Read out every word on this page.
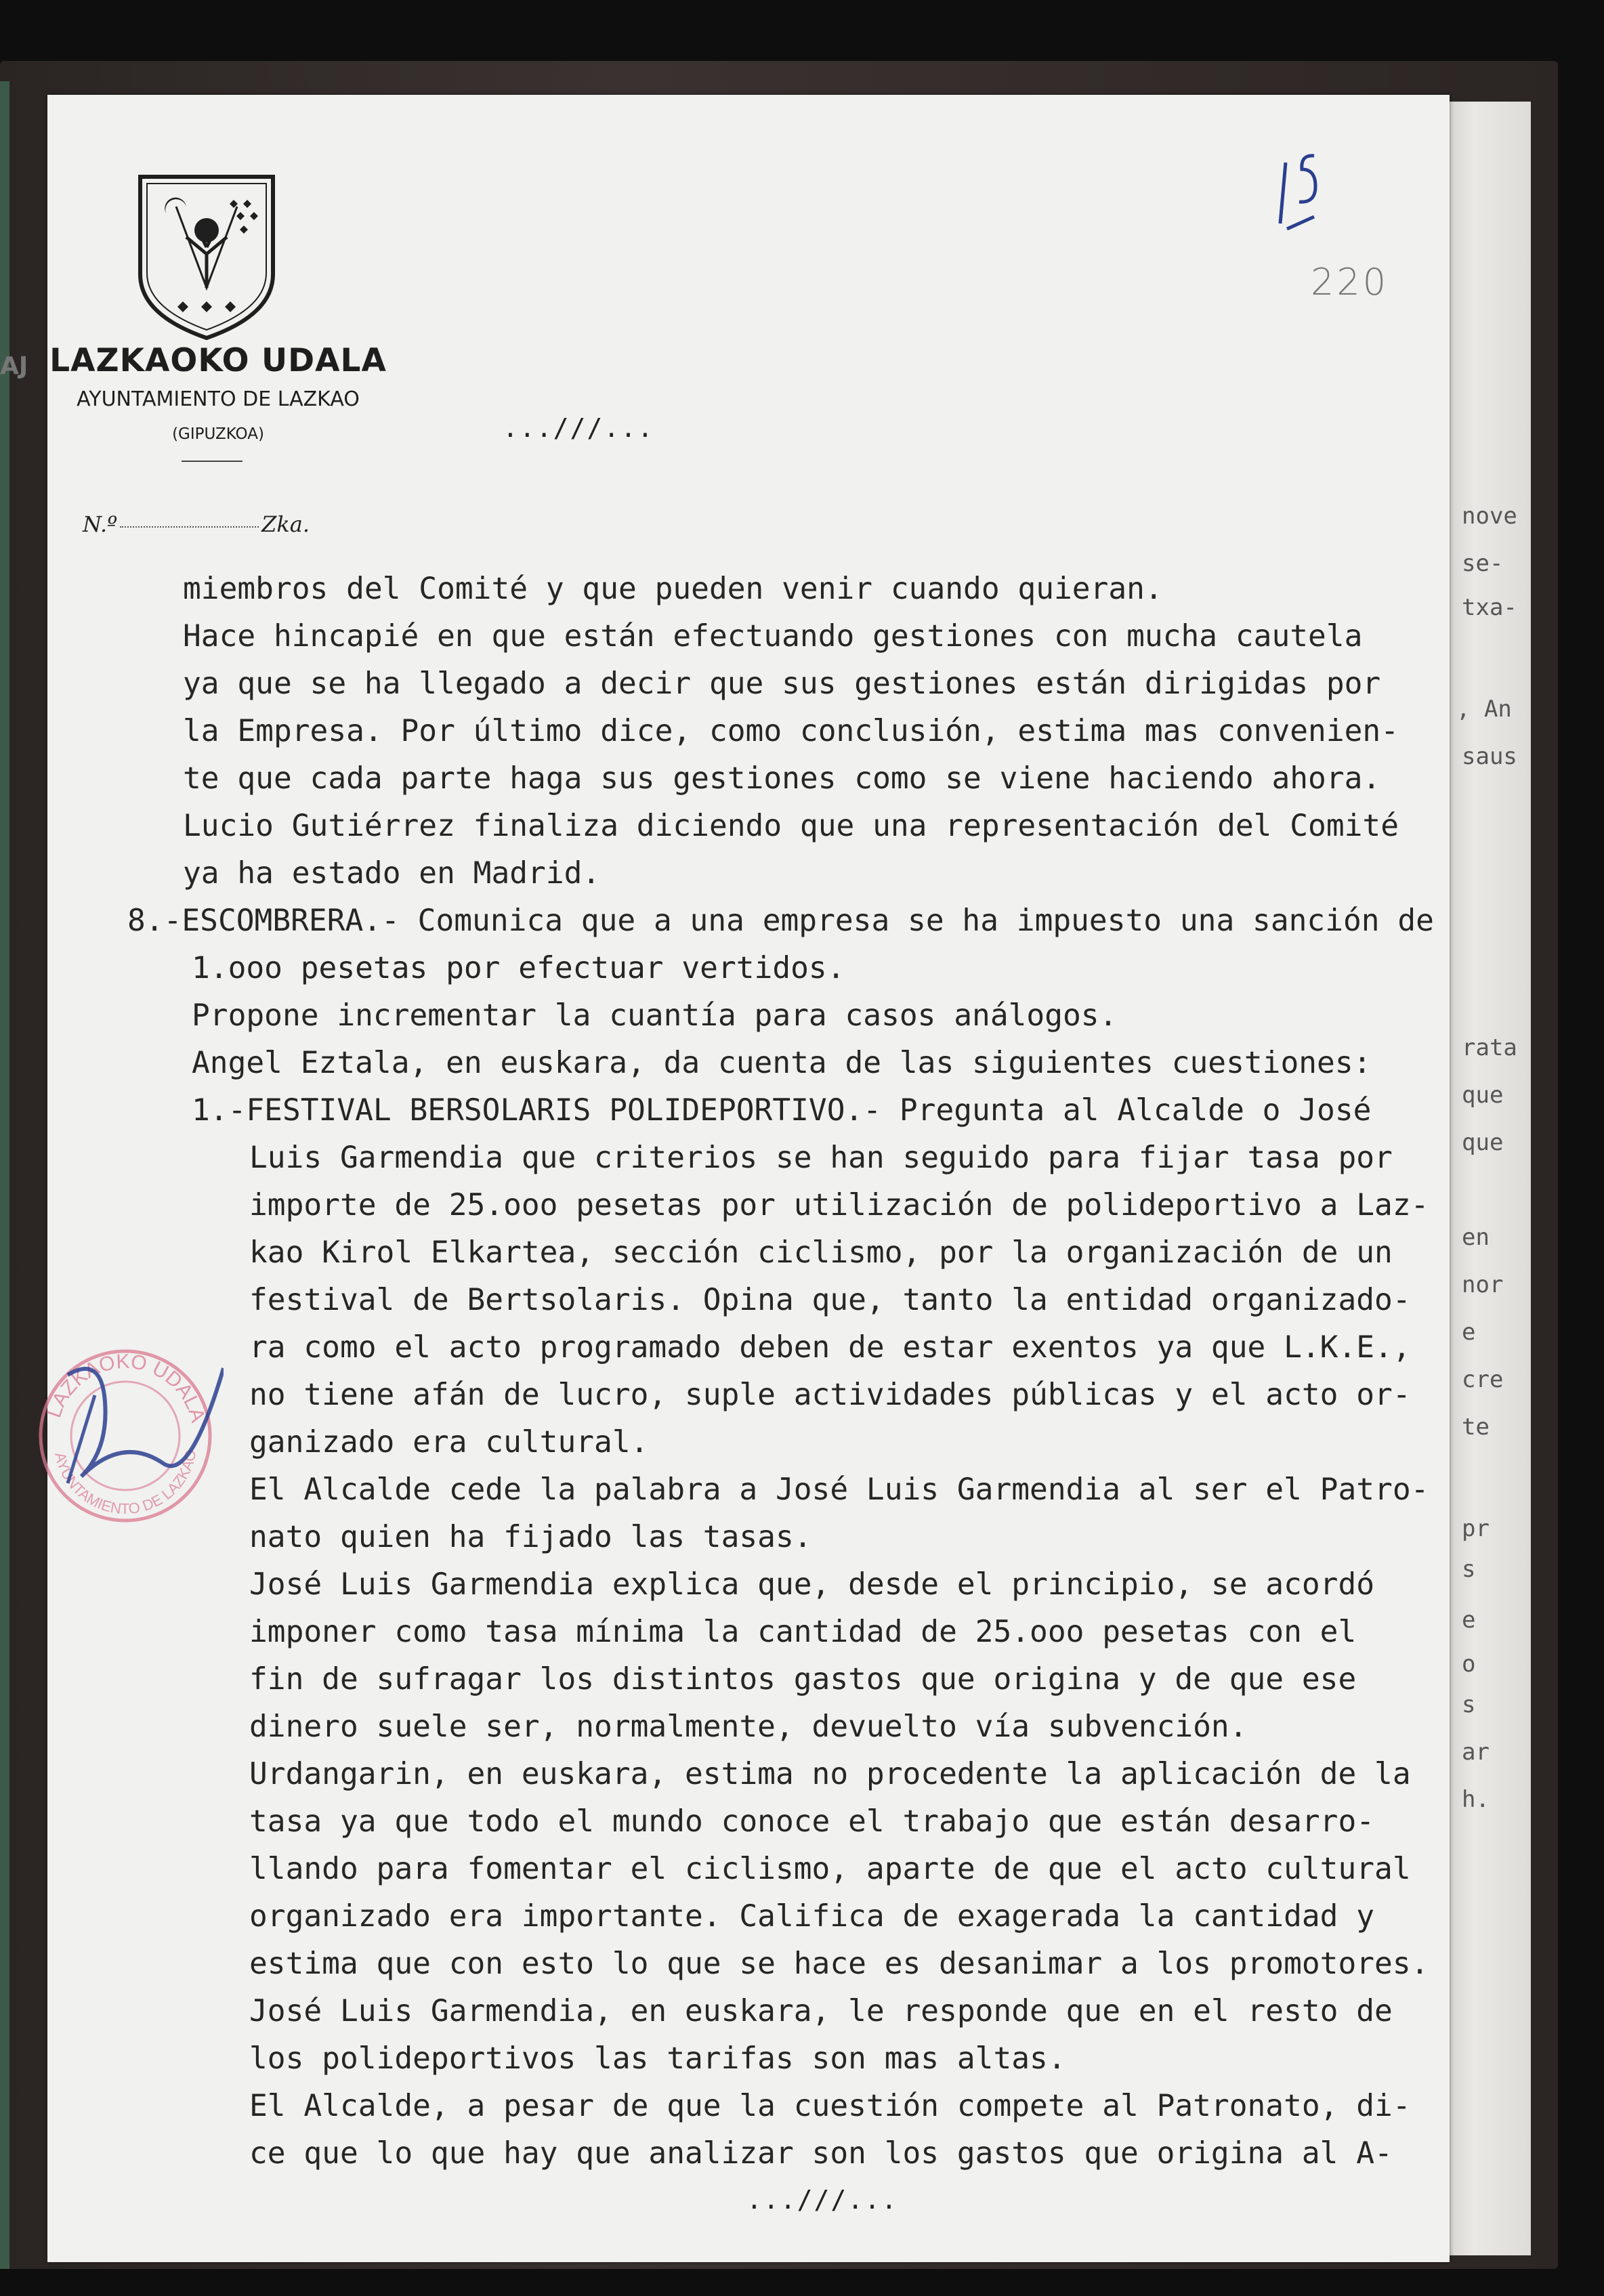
AJ LAZKAOKO UDALA
AYUNTAMIENTO DE LAZKAO
(GIPUZKOA)	...///...
15
220
N.º	Zka.
miembros del Comité y que pueden venir cuando quieran.
Hace hincapié en que están efectuando gestiones con mucha cautela
ya que se ha llegado a decir que sus gestiones están dirigidas por
la Empresa. Por último dice, como conclusión, estima mas convenien-
te que cada parte haga sus gestiones como se viene haciendo ahora.
Lucio Gutiérrez finaliza diciendo que una representación del Comité
ya ha estado en Madrid.
8.-ESCOMBRERA.- Comunica que a una empresa se ha impuesto una sanción de
1.ooo pesetas por efectuar vertidos.
Propone incrementar la cuantía para casos análogos.
Angel Eztala, en euskara, da cuenta de las siguientes cuestiones:
1.-FESTIVAL BERSOLARIS POLIDEPORTIVO.- Pregunta al Alcalde o José
Luis Garmendia que criterios se han seguido para fijar tasa por
importe de 25.ooo pesetas por utilización de polideportivo a Laz-
kao Kirol Elkartea, sección ciclismo, por la organización de un
festival de Bertsolaris. Opina que, tanto la entidad organizado-
ra como el acto programado deben de estar exentos ya que L.K.E.,
no tiene afán de lucro, suple actividades públicas y el acto or-
ganizado era cultural.
El Alcalde cede la palabra a José Luis Garmendia al ser el Patro-
nato quien ha fijado las tasas.
José Luis Garmendia explica que, desde el principio, se acordó
imponer como tasa mínima la cantidad de 25.ooo pesetas con el
fin de sufragar los distintos gastos que origina y de que ese
dinero suele ser, normalmente, devuelto vía subvención.
Urdangarin, en euskara, estima no procedente la aplicación de la
tasa ya que todo el mundo conoce el trabajo que están desarro-
llando para fomentar el ciclismo, aparte de que el acto cultural
organizado era importante. Califica de exagerada la cantidad y
estima que con esto lo que se hace es desanimar a los promotores.
José Luis Garmendia, en euskara, le responde que en el resto de
los polideportivos las tarifas son mas altas.
El Alcalde, a pesar de que la cuestión compete al Patronato, di-
ce que lo que hay que analizar son los gastos que origina al A-
LAZKAOKO UDALA
AYUNTAMIENTO DE LAZKAO
...///...
nove
se-
txa-
, An
saus
rata
que
que
en
nor
e
cre
te
pr
s
e
o
s
ar
h.
